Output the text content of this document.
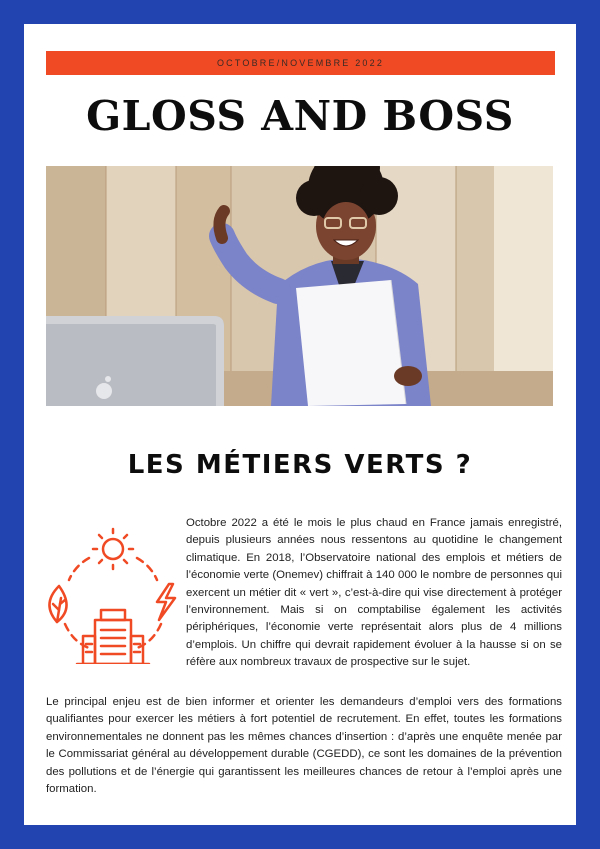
OCTOBRE/NOVEMBRE 2022
GLOSS AND BOSS
LES MÉTIERS VERTS ?

Octobre 2022 a été le mois le plus chaud en France jamais enregistré, depuis plusieurs années nous ressentons au quotidine le changement climatique. En 2018, l’Observatoire national des emplois et métiers de l’économie verte (Onemev) chiffrait à 140 000 le nombre de personnes qui exercent un métier dit « vert », c’est-à-dire qui vise directement à protéger l’environnement. Mais si on comptabilise également les activités périphériques, l’économie verte représentait alors plus de 4 millions d’emplois. Un chiffre qui devrait rapidement évoluer à la hausse si on se réfère aux nombreux travaux de prospective sur le sujet.

Le principal enjeu est de bien informer et orienter les demandeurs d’emploi vers des formations qualifiantes pour exercer les métiers à fort potentiel de recrutement. En effet, toutes les formations environnementales ne donnent pas les mêmes chances d’insertion : d’après une enquête menée par le Commissariat général au développement durable (CGEDD), ce sont les domaines de la prévention des pollutions et de l’énergie qui garantissent les meilleures chances de retour à l’emploi après une formation.
